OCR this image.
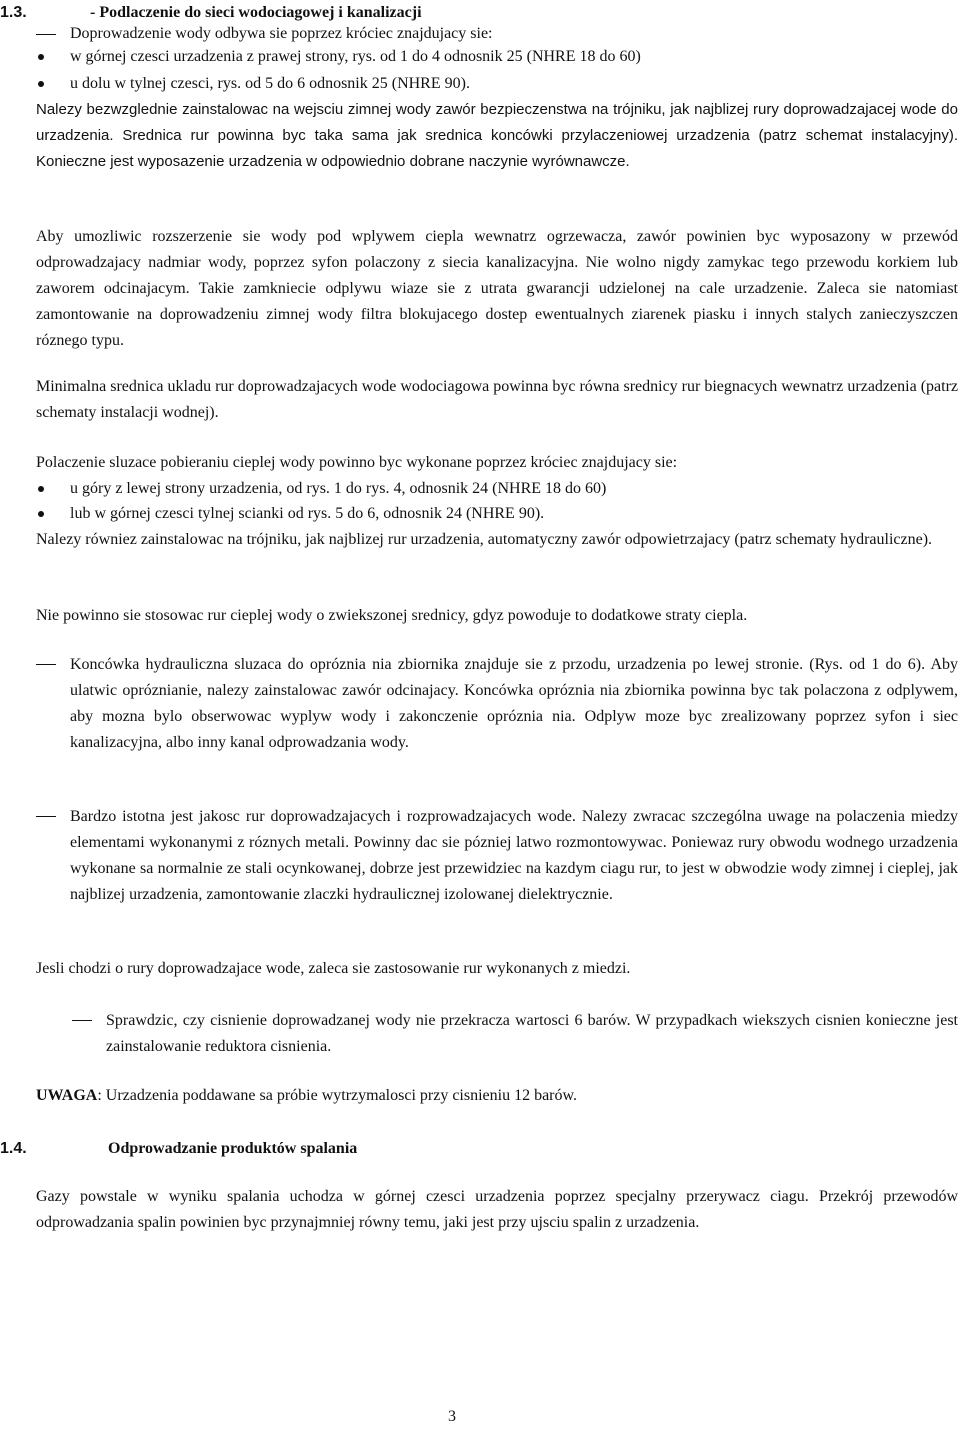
1.3.	- Podlaczenie do sieci wodociagowej i kanalizacji
Doprowadzenie wody odbywa sie poprzez króciec znajdujacy sie:
w górnej czesci urzadzenia z prawej strony, rys. od 1 do 4 odnosnik 25 (NHRE 18 do 60)
u dolu w tylnej czesci, rys. od 5 do 6 odnosnik 25 (NHRE 90).
Nalezy bezwzglednie zainstalowac na wejsciu zimnej wody zawór bezpieczenstwa na trójniku, jak najblizej rury doprowadzajacej wode do urzadzenia. Srednica rur powinna byc taka sama jak srednica koncówki przylaczeniowej urzadzenia (patrz schemat instalacyjny). Konieczne jest wyposazenie urzadzenia w odpowiednio dobrane naczynie wyrównawcze.
Aby umozliwic rozszerzenie sie wody pod wplywem ciepla wewnatrz ogrzewacza, zawór powinien byc wyposazony w przewód odprowadzajacy nadmiar wody, poprzez syfon polaczony z siecia kanalizacyjna. Nie wolno nigdy zamykac tego przewodu korkiem lub zaworem odcinajacym. Takie zamkniecie odplywu wiaze sie z utrata gwarancji udzielonej na cale urzadzenie. Zaleca sie natomiast zamontowanie na doprowadzeniu zimnej wody filtra blokujacego dostep ewentualnych ziarenek piasku i innych stalych zanieczyszczen róznego typu.
Minimalna srednica ukladu rur doprowadzajacych wode wodociagowa powinna byc równa srednicy rur biegnacych wewnatrz urzadzenia (patrz schematy instalacji wodnej).
Polaczenie sluzace pobieraniu cieplej wody powinno byc wykonane poprzez króciec znajdujacy sie:
u góry z lewej strony urzadzenia, od rys. 1 do rys. 4, odnosnik 24 (NHRE 18 do 60)
lub w górnej czesci tylnej scianki od rys. 5 do 6, odnosnik 24 (NHRE 90).
Nalezy równiez zainstalowac na trójniku, jak najblizej rur urzadzenia, automatyczny zawór odpowietrzajacy (patrz schematy hydrauliczne).
Nie powinno sie stosowac rur cieplej wody o zwiekszonej srednicy, gdyz powoduje to dodatkowe straty ciepla.
Koncówka hydrauliczna sluzaca do opróznia nia zbiornika znajduje sie z przodu, urzadzenia po lewej stronie. (Rys. od 1 do 6). Aby ulatwic opróznianie, nalezy zainstalowac zawór odcinajacy. Koncówka opróznia nia zbiornika powinna byc tak polaczona z odplywem, aby mozna bylo obserwowac wyplyw wody i zakonczenie opróznia nia. Odplyw moze byc zrealizowany poprzez syfon i siec kanalizacyjna, albo inny kanal odprowadzania wody.
Bardzo istotna jest jakosc rur doprowadzajacych i rozprowadzajacych wode. Nalezy zwracac szczególna uwage na polaczenia miedzy elementami wykonanymi z róznych metali. Powinny dac sie pózniej latwo rozmontowywac. Poniewaz rury obwodu wodnego urzadzenia wykonane sa normalnie ze stali ocynkowanej, dobrze jest przewidziec na kazdym ciagu rur, to jest w obwodzie wody zimnej i cieplej, jak najblizej urzadzenia, zamontowanie zlaczki hydraulicznej izolowanej dielektrycznie.
Jesli chodzi o rury doprowadzajace wode, zaleca sie zastosowanie rur wykonanych z miedzi.
Sprawdzic, czy cisnienie doprowadzanej wody nie przekracza wartosci 6 barów. W przypadkach wiekszych cisnien konieczne jest zainstalowanie reduktora cisnienia.
UWAGA: Urzadzenia poddawane sa próbie wytrzymalosci przy cisnieniu 12 barów.
1.4.	Odprowadzanie produktów spalania
Gazy powstale w wyniku spalania uchodza w górnej czesci urzadzenia poprzez specjalny przerywacz ciagu. Przekrój przewodów odprowadzania spalin powinien byc przynajmniej równy temu, jaki jest przy ujsciu spalin z urzadzenia.
3
